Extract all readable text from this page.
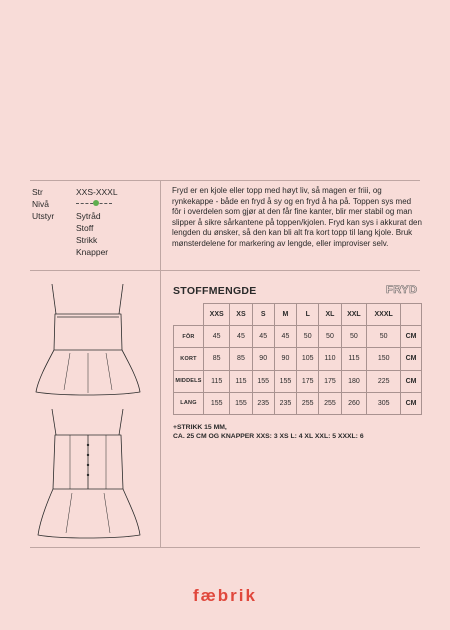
Str	XXS-XXXL
Nivå
Utstyr	Sytråd
Stoff
Strikk
Knapper
Fryd er en kjole eller topp med høyt liv, så magen er friii, og rynkekappe - både en fryd å sy og en fryd å ha på. Toppen sys med fôr i overdelen som gjør at den får fine kanter, blir mer stabil og man slipper å sikre sårkantene på toppen/kjolen. Fryd kan sys i akkurat den lengden du ønsker, så den kan bli alt fra kort topp til lang kjole. Bruk mønsterdelene for markering av lengde, eller improviser selv.
STOFFMENGDE	FRYD
	XXS	XS	S	M	L	XL	XXL	XXXL	
FÔR	45	45	45	45	50	50	50	50	CM
KORT	85	85	90	90	105	110	115	150	CM
MIDDELS	115	115	155	155	175	175	180	225	CM
LANG	155	155	235	235	255	255	260	305	CM
+STRIKK 15 MM,
CA. 25 CM OG KNAPPER XXS: 3 XS L: 4 XL XXL: 5 XXXL: 6
fæbrik
